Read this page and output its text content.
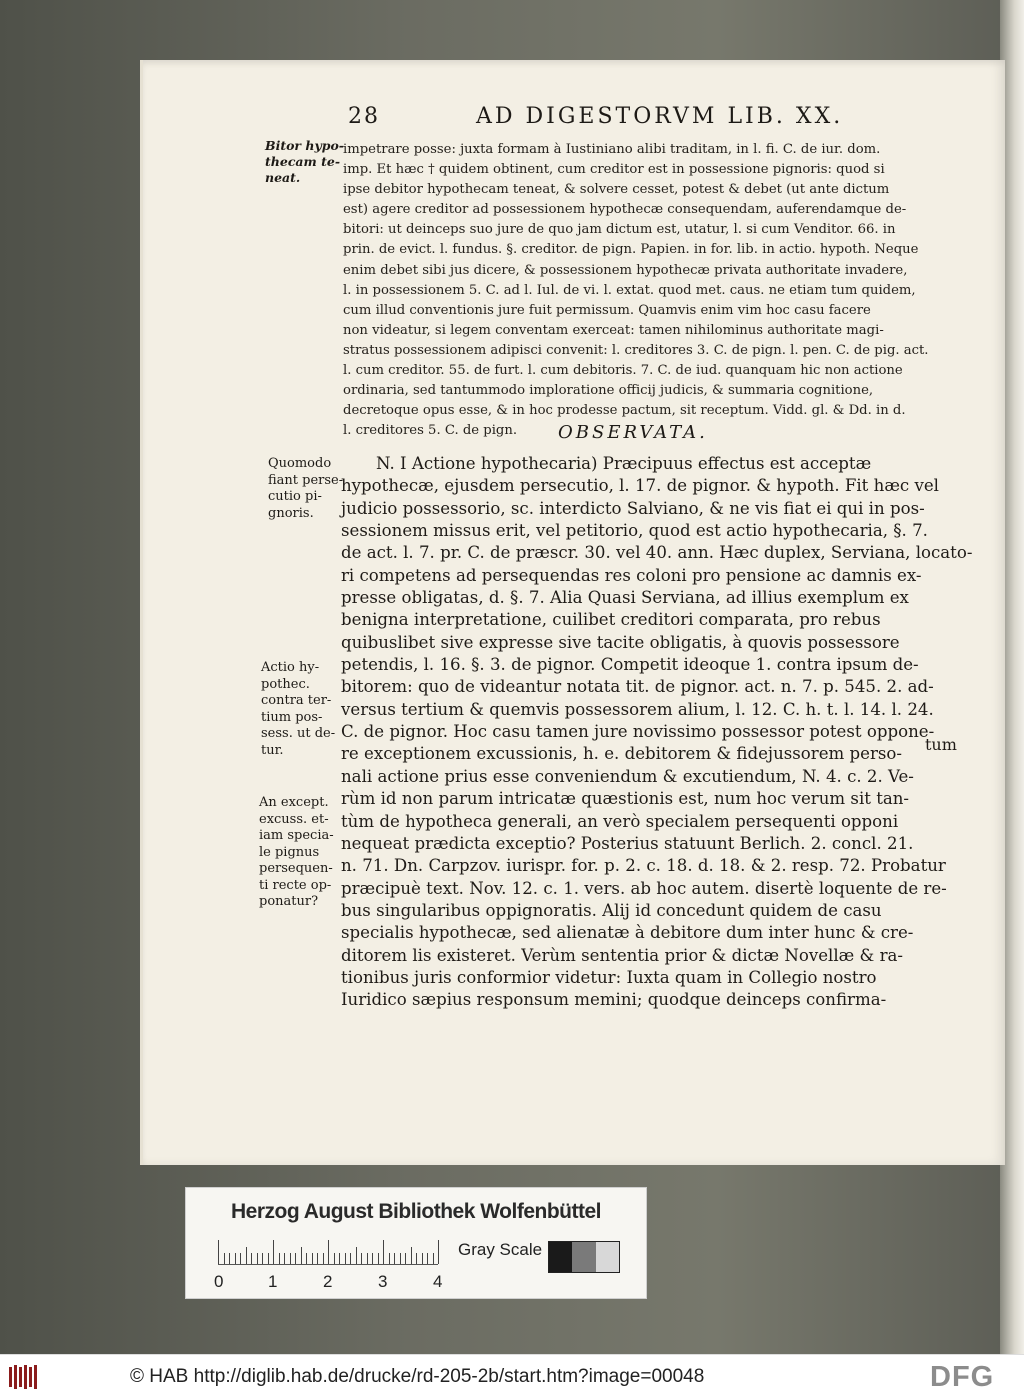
28	AD DIGESTORVM LIB. XX.
Bitor hypo-
thecam te-
neat.
impetrare posse: juxta formam à Iustiniano alibi traditam, in l. fi. C. de iur. dom.
imp. Et hæc † quidem obtinent, cum creditor est in possessione pignoris: quod si
ipse debitor hypothecam teneat, & solvere cesset, potest & debet (ut ante dictum
est) agere creditor ad possessionem hypothecæ consequendam, auferendamque de-
bitori: ut deinceps suo jure de quo jam dictum est, utatur, l. si cum Venditor. 66. in
prin. de evict. l. fundus. §. creditor. de pign. Papien. in for. lib. in actio. hypoth. Neque
enim debet sibi jus dicere, & possessionem hypothecæ privata authoritate invadere,
l. in possessionem 5. C. ad l. Iul. de vi. l. extat. quod met. caus. ne etiam tum quidem,
cum illud conventionis jure fuit permissum. Quamvis enim vim hoc casu facere
non videatur, si legem conventam exerceat: tamen nihilominus authoritate magi-
stratus possessionem adipisci convenit: l. creditores 3. C. de pign. l. pen. C. de pig. act.
l. cum creditor. 55. de furt. l. cum debitoris. 7. C. de iud. quanquam hic non actione
ordinaria, sed tantummodo imploratione officij judicis, & summaria cognitione,
decretoque opus esse, & in hoc prodesse pactum, sit receptum. Vidd. gl. & Dd. in d.
l. creditores 5. C. de pign.	OBSERVATA.
Quomodo
fiant perse-
cutio pi-
gnoris.
Actio hy-
pothec.
contra ter-
tium pos-
sess. ut de-
tur.
An except.
excuss. et-
iam specia-
le pignus
persequen-
ti recte op-
ponatur?
N. I Actione hypothecaria) Præcipuus effectus est acceptæ
hypothecæ, ejusdem persecutio, l. 17. de pignor. & hypoth. Fit hæc vel
judicio possessorio, sc. interdicto Salviano, & ne vis fiat ei qui in pos-
sessionem missus erit, vel petitorio, quod est actio hypothecaria, §. 7.
de act. l. 7. pr. C. de præscr. 30. vel 40. ann. Hæc duplex, Serviana, locato-
ri competens ad persequendas res coloni pro pensione ac damnis ex-
presse obligatas, d. §. 7. Alia Quasi Serviana, ad illius exemplum ex
benigna interpretatione, cuilibet creditori comparata, pro rebus
quibuslibet sive expresse sive tacite obligatis, à quovis possessore
petendis, l. 16. §. 3. de pignor. Competit ideoque 1. contra ipsum de-
bitorem: quo de videantur notata tit. de pignor. act. n. 7. p. 545. 2. ad-
versus tertium & quemvis possessorem alium, l. 12. C. h. t. l. 14. l. 24.
C. de pignor. Hoc casu tamen jure novissimo possessor potest oppone-
re exceptionem excussionis, h. e. debitorem & fidejussorem perso-
nali actione prius esse conveniendum & excutiendum, N. 4. c. 2. Ve-
rùm id non parum intricatæ quæstionis est, num hoc verum sit tan-
tùm de hypotheca generali, an verò specialem persequenti opponi
nequeat prædicta exceptio? Posterius statuunt Berlich. 2. concl. 21.
n. 71. Dn. Carpzov. iurispr. for. p. 2. c. 18. d. 18. & 2. resp. 72. Probatur
præcipuè text. Nov. 12. c. 1. vers. ab hoc autem. disertè loquente de re-
bus singularibus oppignoratis. Alij id concedunt quidem de casu
specialis hypothecæ, sed alienatæ à debitore dum inter hunc & cre-
ditorem lis existeret. Verùm sententia prior & dictæ Novellæ & ra-
tionibus juris conformior videtur: Iuxta quam in Collegio nostro
Iuridico sæpius responsum memini; quodque deinceps confirma-
tum
Herzog August Bibliothek Wolfenbüttel
0	1	2	3	4
Gray Scale
© HAB http://diglib.hab.de/drucke/rd-205-2b/start.htm?image=00048	DFG
